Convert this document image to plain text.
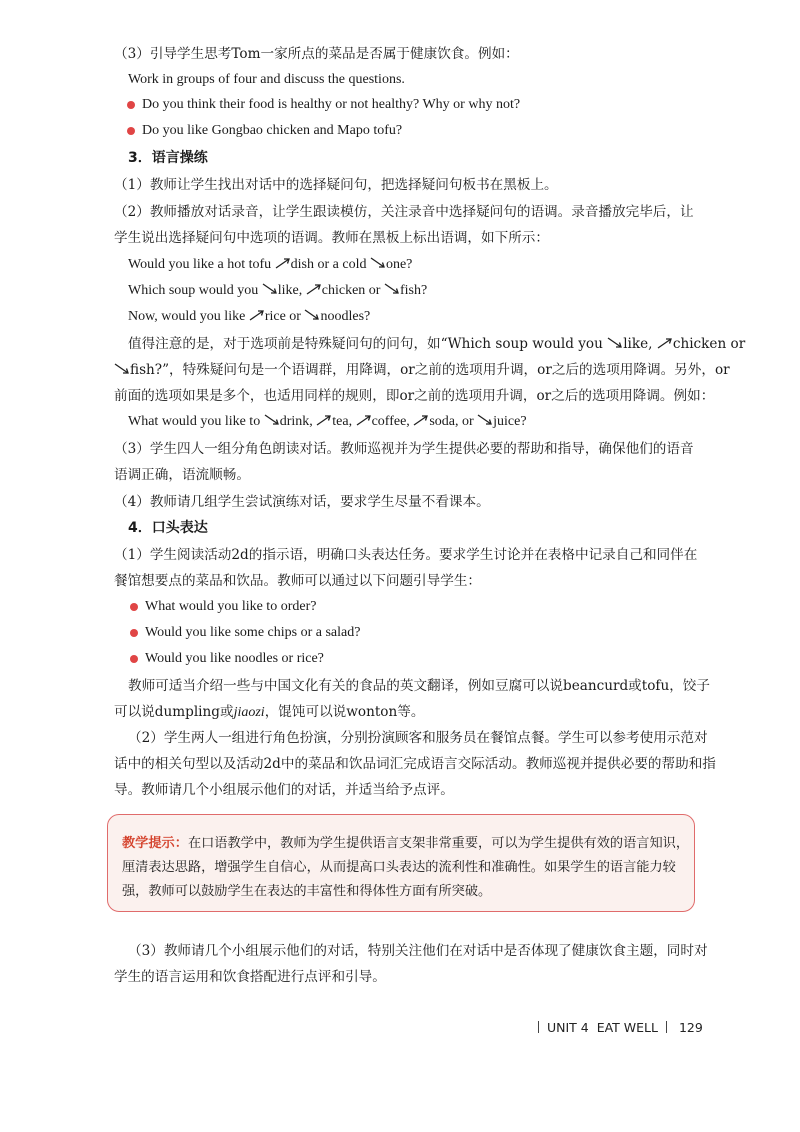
（3）引导学生思考Tom一家所点的菜品是否属于健康饮食。例如：
Work in groups of four and discuss the questions.
Do you think their food is healthy or not healthy? Why or why not?
Do you like Gongbao chicken and Mapo tofu?
3．语言操练
（1）教师让学生找出对话中的选择疑问句，把选择疑问句板书在黑板上。
（2）教师播放对话录音，让学生跟读模仿，关注录音中选择疑问句的语调。录音播放完毕后，让
学生说出选择疑问句中选项的语调。教师在黑板上标出语调，如下所示：
Would you like a hot tofu
dish or a cold
one?
Which soup would you
like,
chicken or
fish?
Now, would you like
rice or
noodles?
值得注意的是，对于选项前是特殊疑问句的问句，如“Which soup would you
like,
chicken or
fish?”，特殊疑问句是一个语调群，用降调，or之前的选项用升调，or之后的选项用降调。另外，or
前面的选项如果是多个，也适用同样的规则，即or之前的选项用升调，or之后的选项用降调。例如：
What would you like to
drink,
tea,
coffee,
soda, or
juice?
（3）学生四人一组分角色朗读对话。教师巡视并为学生提供必要的帮助和指导，确保他们的语音
语调正确，语流顺畅。
（4）教师请几组学生尝试演练对话，要求学生尽量不看课本。
4．口头表达
（1）学生阅读活动2d的指示语，明确口头表达任务。要求学生讨论并在表格中记录自己和同伴在
餐馆想要点的菜品和饮品。教师可以通过以下问题引导学生：
What would you like to order?
Would you like some chips or a salad?
Would you like noodles or rice?
教师可适当介绍一些与中国文化有关的食品的英文翻译，例如豆腐可以说beancurd或tofu，饺子
可以说dumpling或jiaozi，馄饨可以说wonton等。
（2）学生两人一组进行角色扮演，分别扮演顾客和服务员在餐馆点餐。学生可以参考使用示范对
话中的相关句型以及活动2d中的菜品和饮品词汇完成语言交际活动。教师巡视并提供必要的帮助和指
导。教师请几个小组展示他们的对话，并适当给予点评。
教学提示：在口语教学中，教师为学生提供语言支架非常重要，可以为学生提供有效的语言知识，
厘清表达思路，增强学生自信心，从而提高口头表达的流利性和准确性。如果学生的语言能力较
强，教师可以鼓励学生在表达的丰富性和得体性方面有所突破。
（3）教师请几个小组展示他们的对话，特别关注他们在对话中是否体现了健康饮食主题，同时对
学生的语言运用和饮食搭配进行点评和引导。
UNIT 4 EAT WELL 129
